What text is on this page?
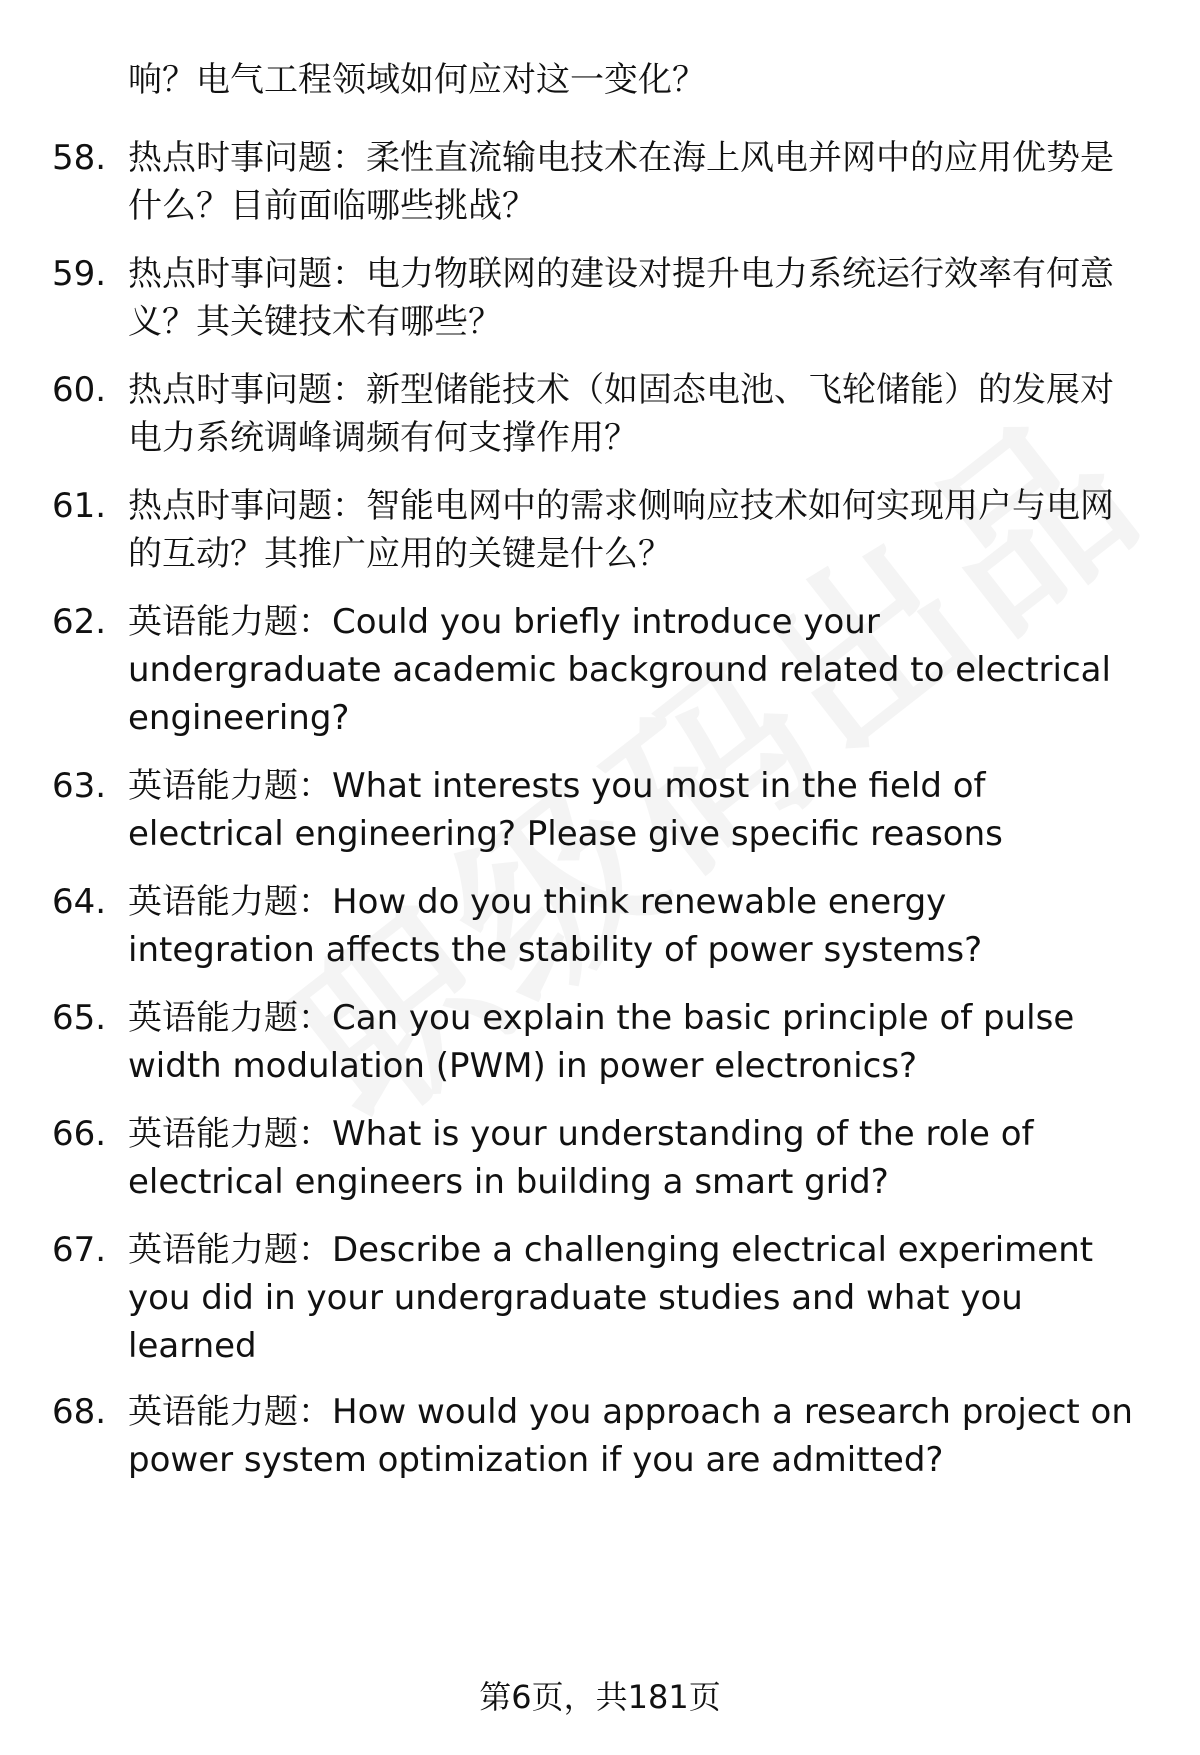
响？电气工程领域如何应对这一变化？

58. 热点时事问题：柔性直流输电技术在海上风电并网中的应用优势是什么？目前面临哪些挑战？
59. 热点时事问题：电力物联网的建设对提升电力系统运行效率有何意义？其关键技术有哪些？
60. 热点时事问题：新型储能技术（如固态电池、飞轮储能）的发展对电力系统调峰调频有何支撑作用？
61. 热点时事问题：智能电网中的需求侧响应技术如何实现用户与电网的互动？其推广应用的关键是什么？
62. 英语能力题：Could you briefly introduce your undergraduate academic background related to electrical engineering?
63. 英语能力题：What interests you most in the field of electrical engineering? Please give specific reasons
64. 英语能力题：How do you think renewable energy integration affects the stability of power systems?
65. 英语能力题：Can you explain the basic principle of pulse width modulation (PWM) in power electronics?
66. 英语能力题：What is your understanding of the role of electrical engineers in building a smart grid?
67. 英语能力题：Describe a challenging electrical experiment you did in your undergraduate studies and what you learned
68. 英语能力题：How would you approach a research project on power system optimization if you are admitted?
第6页，共181页
